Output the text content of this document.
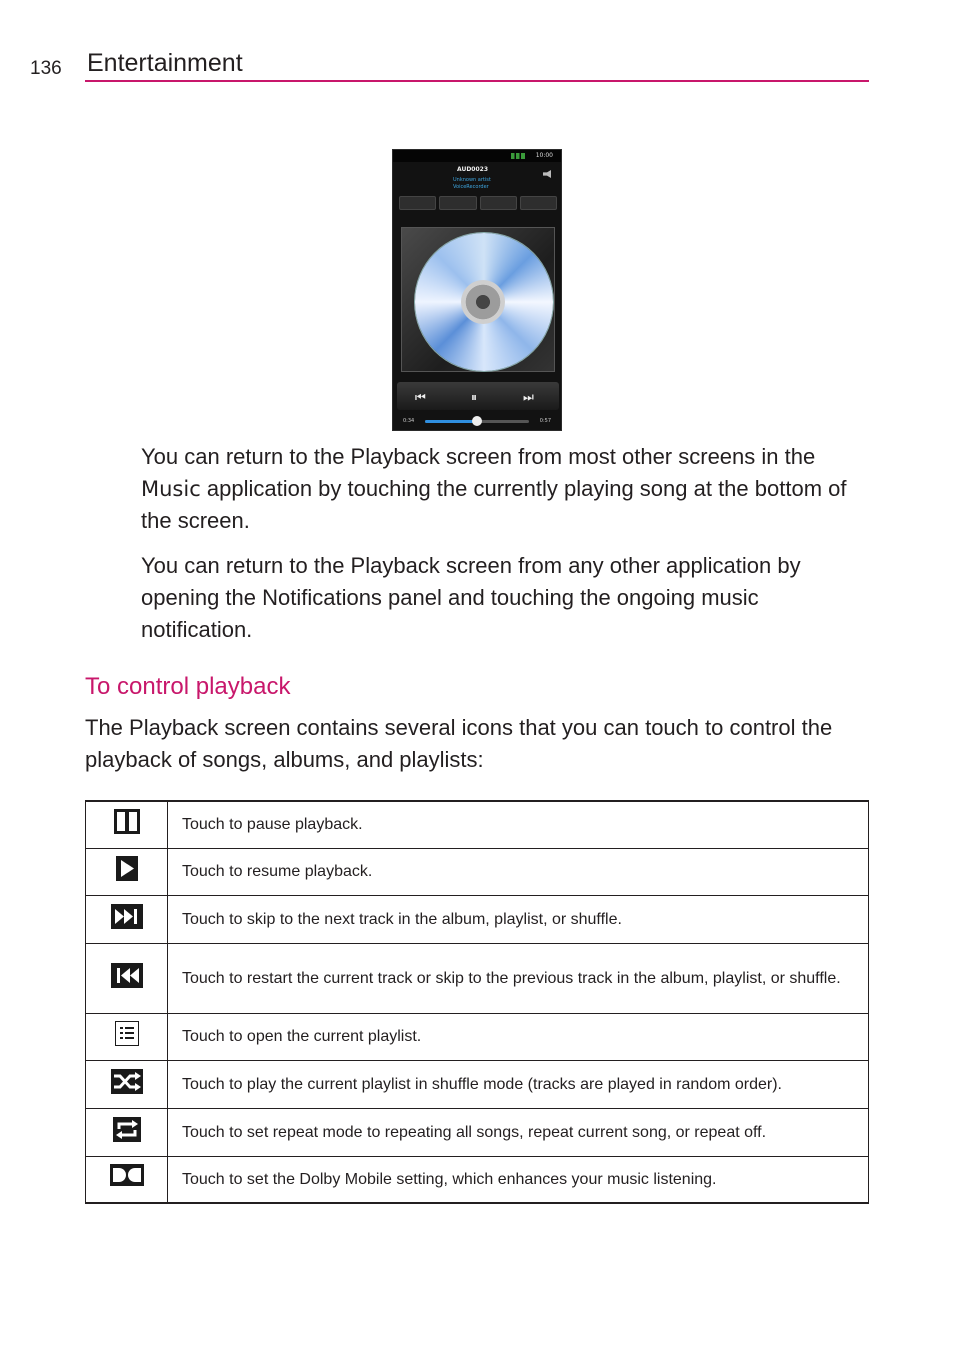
136 Entertainment
10:00
AUD0023
Unknown artist
VoiceRecorder
⏮	⏸	⏭
0:34	0:57

You can return to the Playback screen from most other screens in the Music application by touching the currently playing song at the bottom of the screen.

You can return to the Playback screen from any other application by opening the Notifications panel and touching the ongoing music notification.

To control playback

The Playback screen contains several icons that you can touch to control the playback of songs, albums, and playlists:

	Touch to pause playback.
	Touch to resume playback.
	Touch to skip to the next track in the album, playlist, or shuffle.
	Touch to restart the current track or skip to the previous track in the album, playlist, or shuffle.
	Touch to open the current playlist.
	Touch to play the current playlist in shuffle mode (tracks are played in random order).
	Touch to set repeat mode to repeating all songs, repeat current song, or repeat off.
	Touch to set the Dolby Mobile setting, which enhances your music listening.
